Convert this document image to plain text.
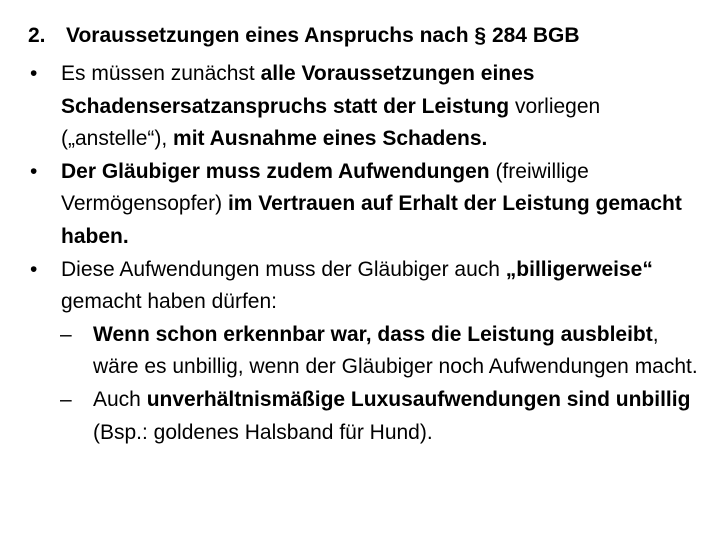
2. Voraussetzungen eines Anspruchs nach § 284 BGB
• Es müssen zunächst alle Voraussetzungen eines Schadensersatzanspruchs statt der Leistung vorliegen („anstelle“), mit Ausnahme eines Schadens.
• Der Gläubiger muss zudem Aufwendungen (freiwillige Vermögensopfer) im Vertrauen auf Erhalt der Leistung gemacht haben.
• Diese Aufwendungen muss der Gläubiger auch „billigerweise“ gemacht haben dürfen:
– Wenn schon erkennbar war, dass die Leistung ausbleibt, wäre es unbillig, wenn der Gläubiger noch Aufwendungen macht.
– Auch unverhältnismäßige Luxusaufwendungen sind unbillig (Bsp.: goldenes Halsband für Hund).
